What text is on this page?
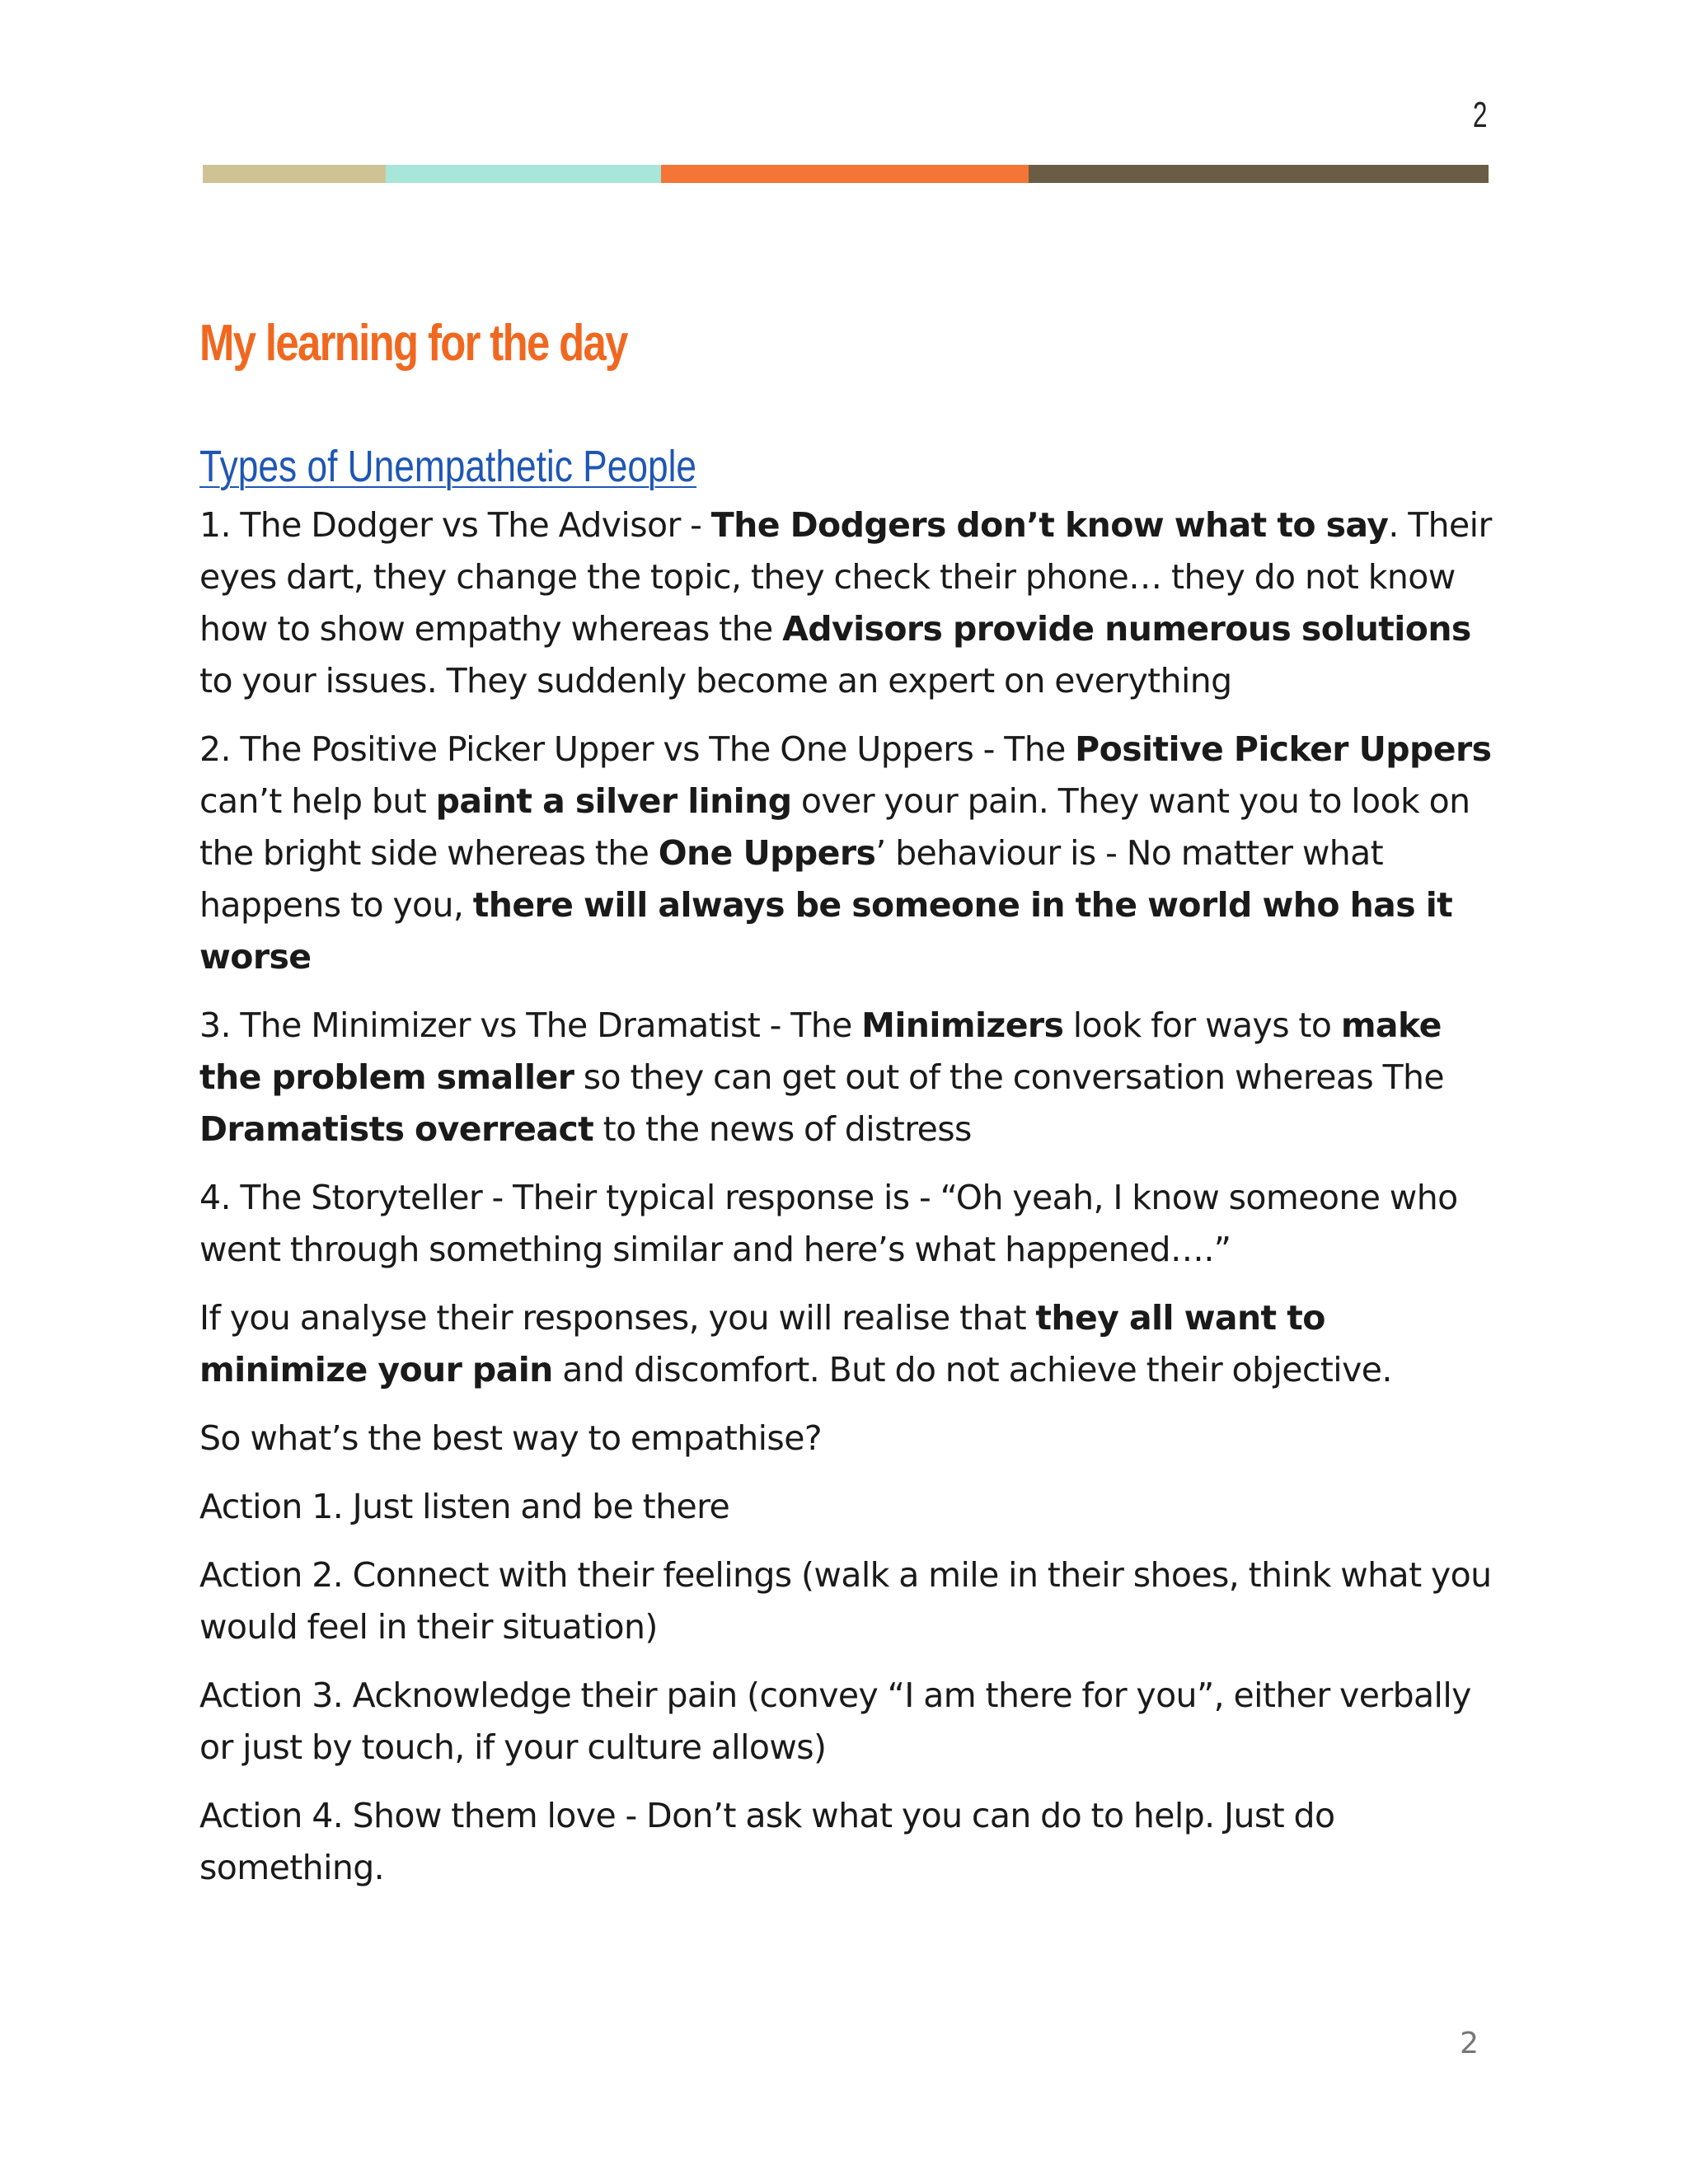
2
My learning for the day
Types of Unempathetic People

1. The Dodger vs The Advisor - The Dodgers don’t know what to say. Their eyes dart, they change the topic, they check their phone… they do not know how to show empathy whereas the Advisors provide numerous solutions to your issues. They suddenly become an expert on everything

2. The Positive Picker Upper vs The One Uppers - The Positive Picker Uppers can’t help but paint a silver lining over your pain. They want you to look on the bright side whereas the One Uppers’ behaviour is - No matter what happens to you, there will always be someone in the world who has it worse

3. The Minimizer vs The Dramatist - The Minimizers look for ways to make the problem smaller so they can get out of the conversation whereas The Dramatists overreact to the news of distress

4. The Storyteller - Their typical response is - “Oh yeah, I know someone who went through something similar and here’s what happened….”

If you analyse their responses, you will realise that they all want to minimize your pain and discomfort. But do not achieve their objective.

So what’s the best way to empathise?

Action 1. Just listen and be there

Action 2. Connect with their feelings (walk a mile in their shoes, think what you would feel in their situation)

Action 3. Acknowledge their pain (convey “I am there for you”, either verbally or just by touch, if your culture allows)

Action 4. Show them love - Don’t ask what you can do to help. Just do something.

2
